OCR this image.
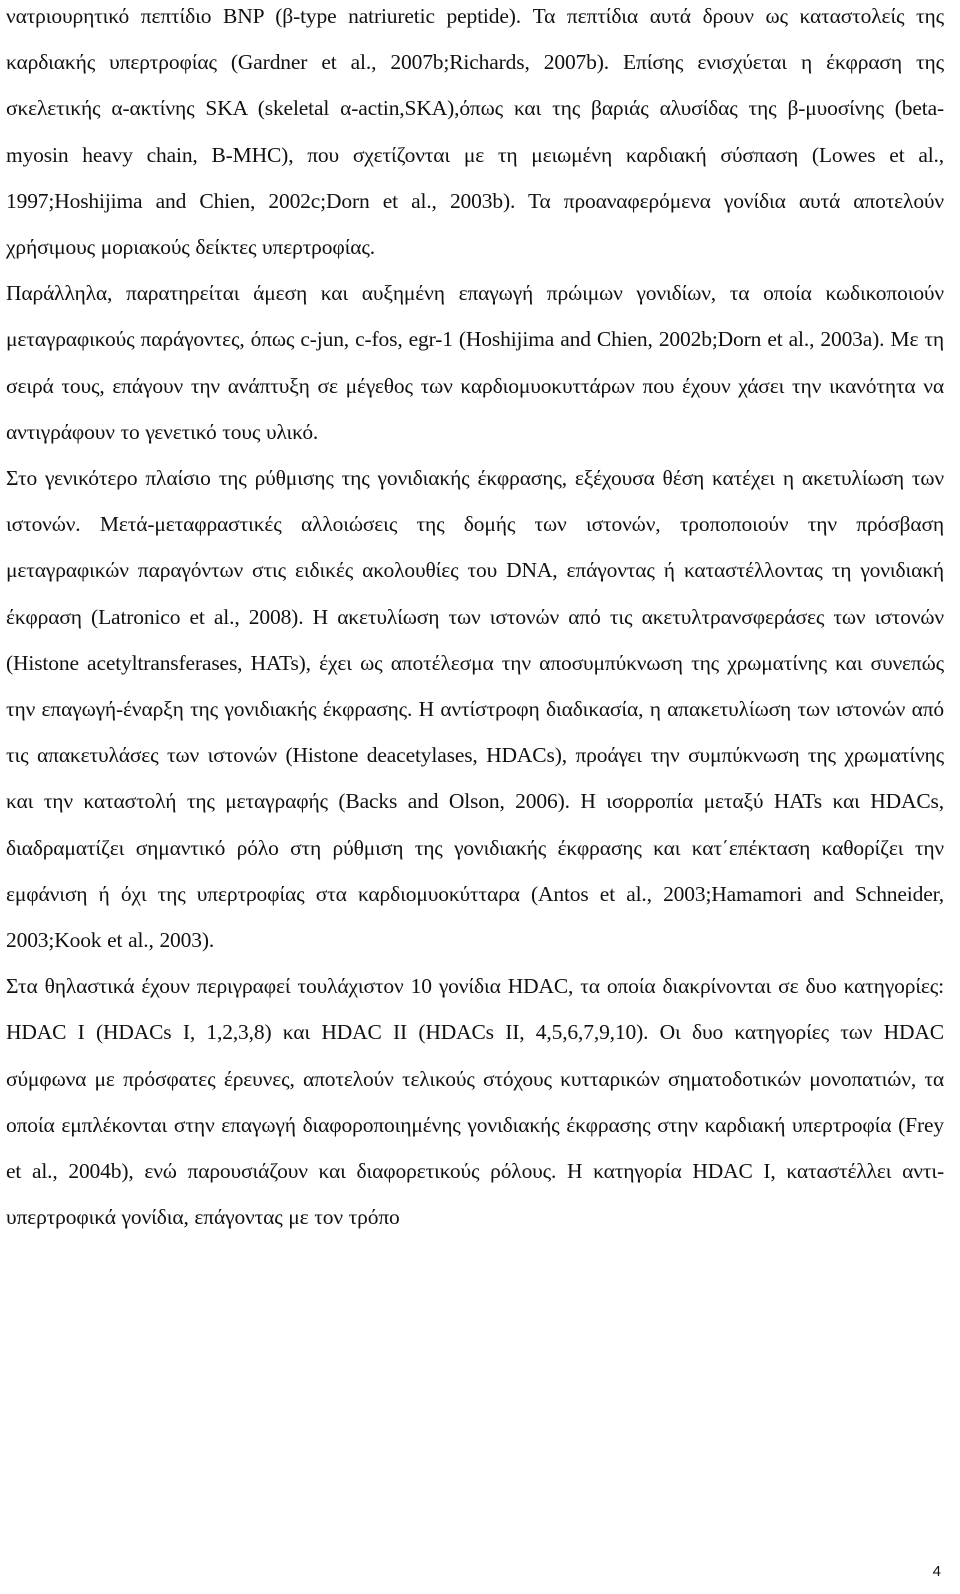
νατριουρητικό πεπτίδιο BNP (β-type natriuretic peptide). Τα πεπτίδια αυτά δρουν ως καταστολείς της καρδιακής υπερτροφίας (Gardner et al., 2007b;Richards, 2007b). Επίσης ενισχύεται η έκφραση της σκελετικής α-ακτίνης SKA (skeletal α-actin,SKA),όπως και της βαριάς αλυσίδας της β-μυοσίνης (beta-myosin heavy chain, B-MHC), που σχετίζονται με τη μειωμένη καρδιακή σύσπαση (Lowes et al., 1997;Hoshijima and Chien, 2002c;Dorn et al., 2003b). Τα προαναφερόμενα γονίδια αυτά αποτελούν χρήσιμους μοριακούς δείκτες υπερτροφίας.

Παράλληλα, παρατηρείται άμεση και αυξημένη επαγωγή πρώιμων γονιδίων, τα οποία κωδικοποιούν μεταγραφικούς παράγοντες, όπως c-jun, c-fos, egr-1 (Hoshijima and Chien, 2002b;Dorn et al., 2003a). Με τη σειρά τους, επάγουν την ανάπτυξη σε μέγεθος των καρδιομυοκυττάρων που έχουν χάσει την ικανότητα να αντιγράφουν το γενετικό τους υλικό.

Στο γενικότερο πλαίσιο της ρύθμισης της γονιδιακής έκφρασης, εξέχουσα θέση κατέχει η ακετυλίωση των ιστονών. Μετά-μεταφραστικές αλλοιώσεις της δομής των ιστονών, τροποποιούν την πρόσβαση μεταγραφικών παραγόντων στις ειδικές ακολουθίες του DNA, επάγοντας ή καταστέλλοντας τη γονιδιακή έκφραση (Latronico et al., 2008). Η ακετυλίωση των ιστονών από τις ακετυλτρανσφεράσες των ιστονών (Histone acetyltransferases, HATs), έχει ως αποτέλεσμα την αποσυμπύκνωση της χρωματίνης και συνεπώς την επαγωγή-έναρξη της γονιδιακής έκφρασης. Η αντίστροφη διαδικασία, η απακετυλίωση των ιστονών από τις απακετυλάσες των ιστονών (Histone deacetylases, HDACs), προάγει την συμπύκνωση της χρωματίνης και την καταστολή της μεταγραφής (Backs and Olson, 2006). Η ισορροπία μεταξύ HATs και HDACs, διαδραματίζει σημαντικό ρόλο στη ρύθμιση της γονιδιακής έκφρασης και κατ΄επέκταση καθορίζει την εμφάνιση ή όχι της υπερτροφίας στα καρδιομυοκύτταρα (Antos et al., 2003;Hamamori and Schneider, 2003;Kook et al., 2003).

Στα θηλαστικά έχουν περιγραφεί τουλάχιστον 10 γονίδια HDAC, τα οποία διακρίνονται σε δυο κατηγορίες: HDAC I (HDACs I, 1,2,3,8) και HDAC II (HDACs II, 4,5,6,7,9,10). Οι δυο κατηγορίες των HDAC σύμφωνα με πρόσφατες έρευνες, αποτελούν τελικούς στόχους κυτταρικών σηματοδοτικών μονοπατιών, τα οποία εμπλέκονται στην επαγωγή διαφοροποιημένης γονιδιακής έκφρασης στην καρδιακή υπερτροφία (Frey et al., 2004b), ενώ παρουσιάζουν και διαφορετικούς ρόλους. Η κατηγορία HDAC I, καταστέλλει αντι-υπερτροφικά γονίδια, επάγοντας με τον τρόπο

4
